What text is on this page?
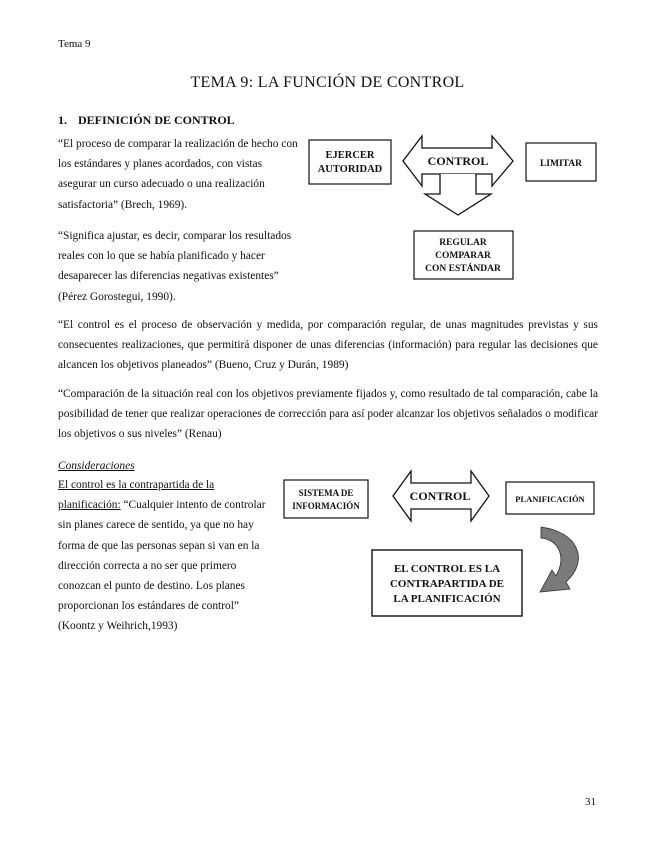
Tema 9
TEMA 9: LA FUNCIÓN DE CONTROL
1. DEFINICIÓN DE CONTROL
“El proceso de comparar la realización de hecho con los estándares y planes acordados, con vistas asegurar un curso adecuado o una realización satisfactoria” (Brech, 1969).
“Significa ajustar, es decir, comparar los resultados reales con lo que se había planificado y hacer desaparecer las diferencias negativas existentes” (Pérez Gorostegui, 1990).
“El control es el proceso de observación y medida, por comparación regular, de unas magnitudes previstas y sus consecuentes realizaciones, que permitirá disponer de unas diferencias (información) para regular las decisiones que alcancen los objetivos planeados” (Bueno, Cruz y Durán, 1989)
“Comparación de la situación real con los objetivos previamente fijados y, como resultado de tal comparación, cabe la posibilidad de tener que realizar operaciones de corrección para así poder alcanzar los objetivos señalados o modificar los objetivos o sus niveles” (Renau)
Consideraciones
El control es la contrapartida de la planificación: “Cualquier intento de controlar sin planes carece de sentido, ya que no hay forma de que las personas sepan si van en la dirección correcta a no ser que primero conozcan el punto de destino. Los planes proporcionan los estándares de control” (Koontz y Weihrich,1993)
EJERCER
AUTORIDAD
CONTROL	LIMITAR
REGULAR
COMPARAR
CON ESTÁNDAR
SISTEMA DE
INFORMACIÓN
CONTROL	PLANIFICACIÓN
EL CONTROL ES LA
CONTRAPARTIDA DE
LA PLANIFICACIÓN
31
